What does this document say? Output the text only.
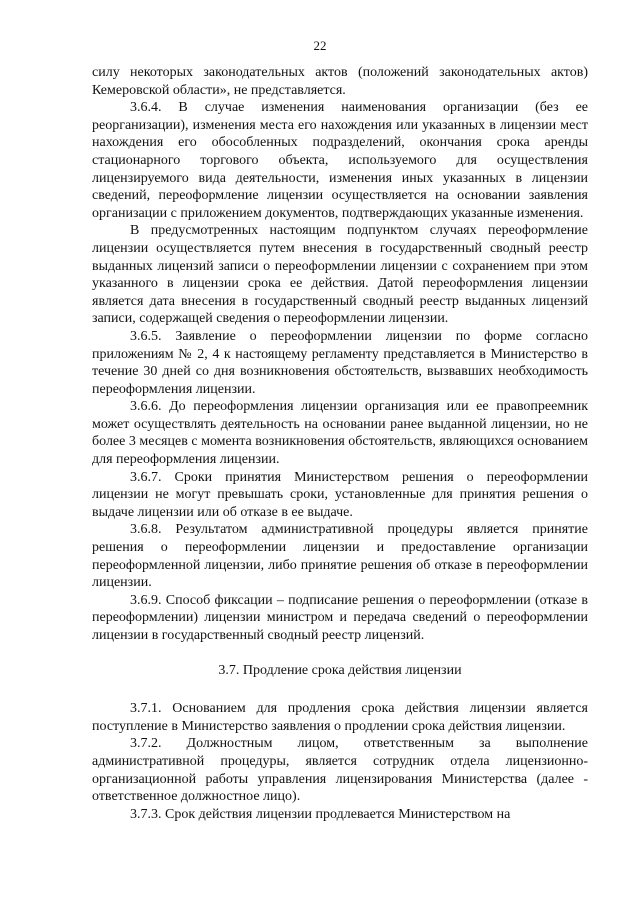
22

силу некоторых законодательных актов (положений законодательных актов) Кемеровской области», не представляется.

3.6.4. В случае изменения наименования организации (без ее реорганизации), изменения места его нахождения или указанных в лицензии мест нахождения его обособленных подразделений, окончания срока аренды стационарного торгового объекта, используемого для осуществления лицензируемого вида деятельности, изменения иных указанных в лицензии сведений, переоформление лицензии осуществляется на основании заявления организации с приложением документов, подтверждающих указанные изменения.

В предусмотренных настоящим подпунктом случаях переоформление лицензии осуществляется путем внесения в государственный сводный реестр выданных лицензий записи о переоформлении лицензии с сохранением при этом указанного в лицензии срока ее действия. Датой переоформления лицензии является дата внесения в государственный сводный реестр выданных лицензий записи, содержащей сведения о переоформлении лицензии.

3.6.5. Заявление о переоформлении лицензии по форме согласно приложениям № 2, 4 к настоящему регламенту представляется в Министерство в течение 30 дней со дня возникновения обстоятельств, вызвавших необходимость переоформления лицензии.

3.6.6. До переоформления лицензии организация или ее правопреемник может осуществлять деятельность на основании ранее выданной лицензии, но не более 3 месяцев с момента возникновения обстоятельств, являющихся основанием для переоформления лицензии.

3.6.7. Сроки принятия Министерством решения о переоформлении лицензии не могут превышать сроки, установленные для принятия решения о выдаче лицензии или об отказе в ее выдаче.

3.6.8. Результатом административной процедуры является принятие решения о переоформлении лицензии и предоставление организации переоформленной лицензии, либо принятие решения об отказе в переоформлении лицензии.

3.6.9. Способ фиксации – подписание решения о переоформлении (отказе в переоформлении) лицензии министром и передача сведений о переоформлении лицензии в государственный сводный реестр лицензий.

3.7. Продление срока действия лицензии

3.7.1. Основанием для продления срока действия лицензии является поступление в Министерство заявления о продлении срока действия лицензии.

3.7.2. Должностным лицом, ответственным за выполнение административной процедуры, является сотрудник отдела лицензионно-организационной работы управления лицензирования Министерства (далее - ответственное должностное лицо).

3.7.3. Срок действия лицензии продлевается Министерством на
